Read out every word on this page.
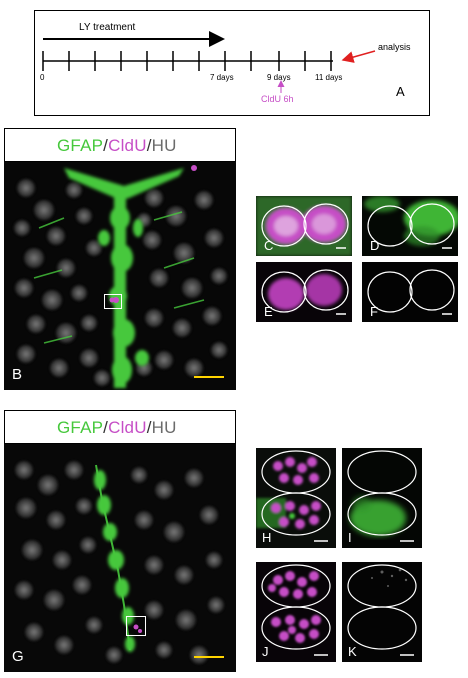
LY treatment
analysis
0	7 days	9 days	11 days
CldU 6h	A
GFAP/CldU/HU
B
C	D
E	F
GFAP/CldU/HU
G
H	I
J	K
